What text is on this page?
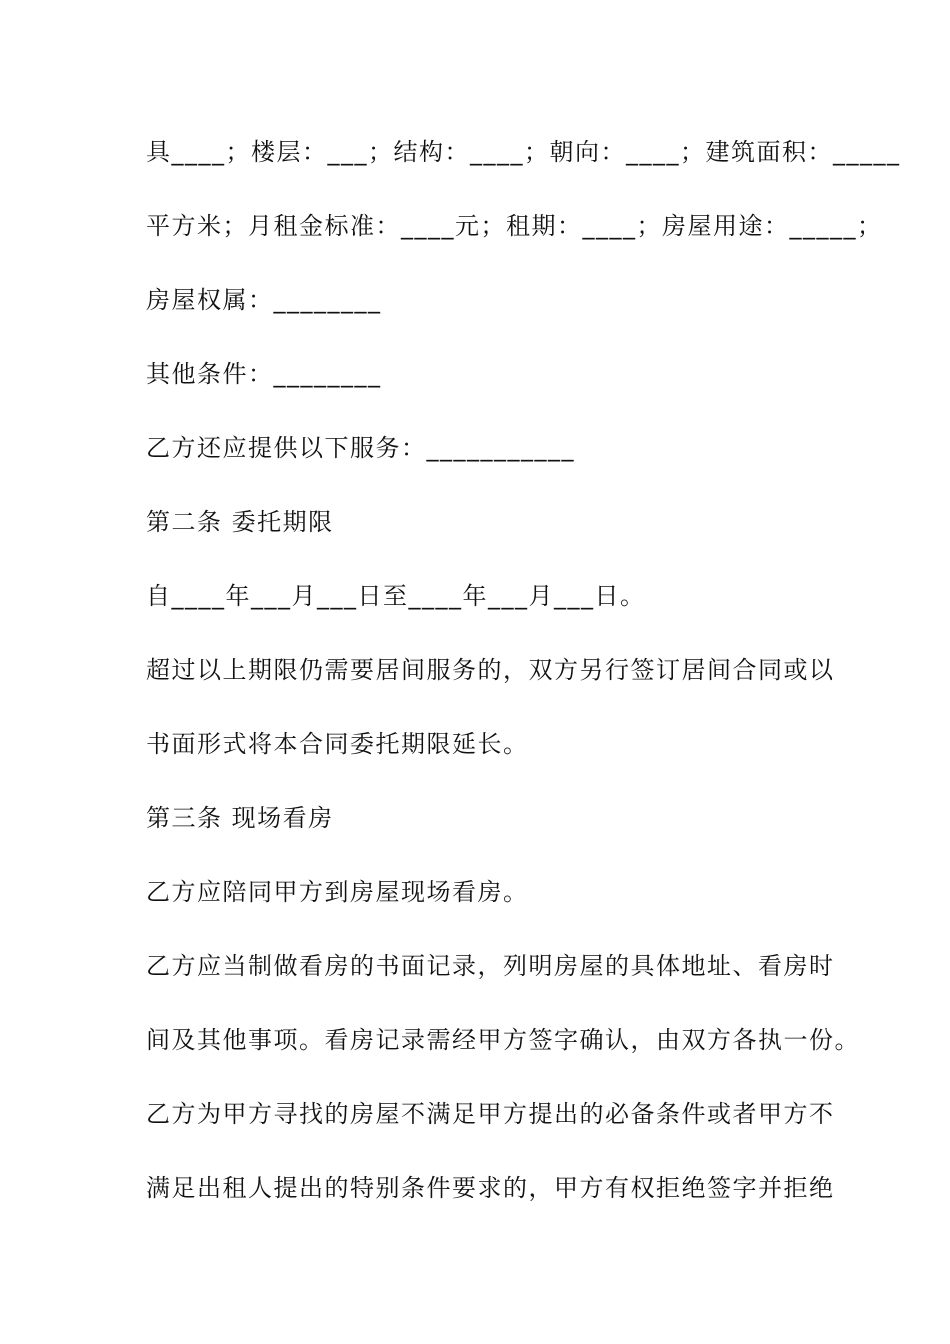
具____；楼层：___；结构：____；朝向：____；建筑面积：_____
平方米；月租金标准：____元；租期：____；房屋用途：_____；
房屋权属：________
其他条件：________
乙方还应提供以下服务：___________
第二条 委托期限
自____年___月___日至____年___月___日。
超过以上期限仍需要居间服务的，双方另行签订居间合同或以
书面形式将本合同委托期限延长。
第三条 现场看房
乙方应陪同甲方到房屋现场看房。
乙方应当制做看房的书面记录，列明房屋的具体地址、看房时
间及其他事项。看房记录需经甲方签字确认，由双方各执一份。
乙方为甲方寻找的房屋不满足甲方提出的必备条件或者甲方不
满足出租人提出的特别条件要求的，甲方有权拒绝签字并拒绝
